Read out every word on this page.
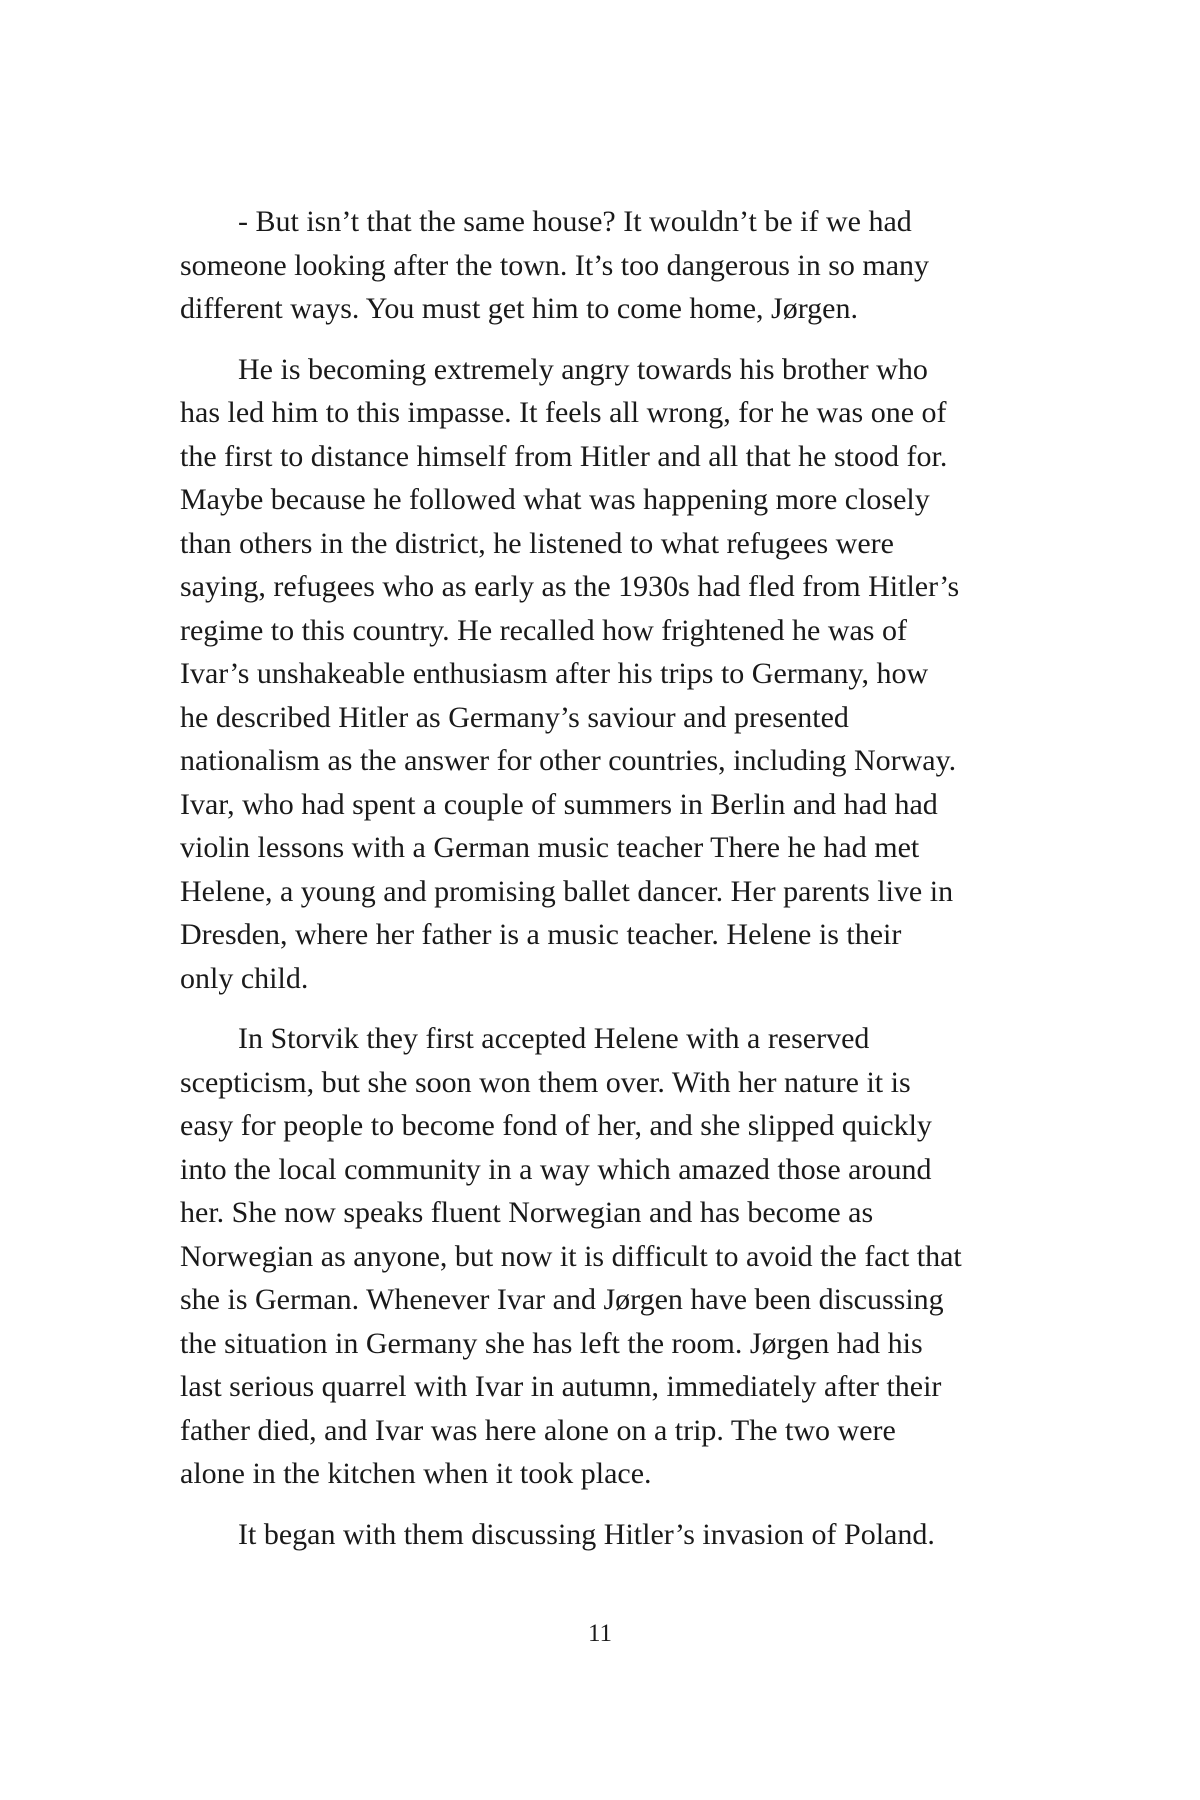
- But isn’t that the same house? It wouldn’t be if we had
someone looking after the town. It’s too dangerous in so many
different ways. You must get him to come home, Jørgen.

He is becoming extremely angry towards his brother who
has led him to this impasse. It feels all wrong, for he was one of
the first to distance himself from Hitler and all that he stood for.
Maybe because he followed what was happening more closely
than others in the district, he listened to what refugees were
saying, refugees who as early as the 1930s had fled from Hitler’s
regime to this country. He recalled how frightened he was of
Ivar’s unshakeable enthusiasm after his trips to Germany, how
he described Hitler as Germany’s saviour and presented
nationalism as the answer for other countries, including Norway.
Ivar, who had spent a couple of summers in Berlin and had had
violin lessons with a German music teacher There he had met
Helene, a young and promising ballet dancer. Her parents live in
Dresden, where her father is a music teacher. Helene is their
only child.

In Storvik they first accepted Helene with a reserved
scepticism, but she soon won them over. With her nature it is
easy for people to become fond of her, and she slipped quickly
into the local community in a way which amazed those around
her. She now speaks fluent Norwegian and has become as
Norwegian as anyone, but now it is difficult to avoid the fact that
she is German. Whenever Ivar and Jørgen have been discussing
the situation in Germany she has left the room. Jørgen had his
last serious quarrel with Ivar in autumn, immediately after their
father died, and Ivar was here alone on a trip. The two were
alone in the kitchen when it took place.

It began with them discussing Hitler’s invasion of Poland.

11
